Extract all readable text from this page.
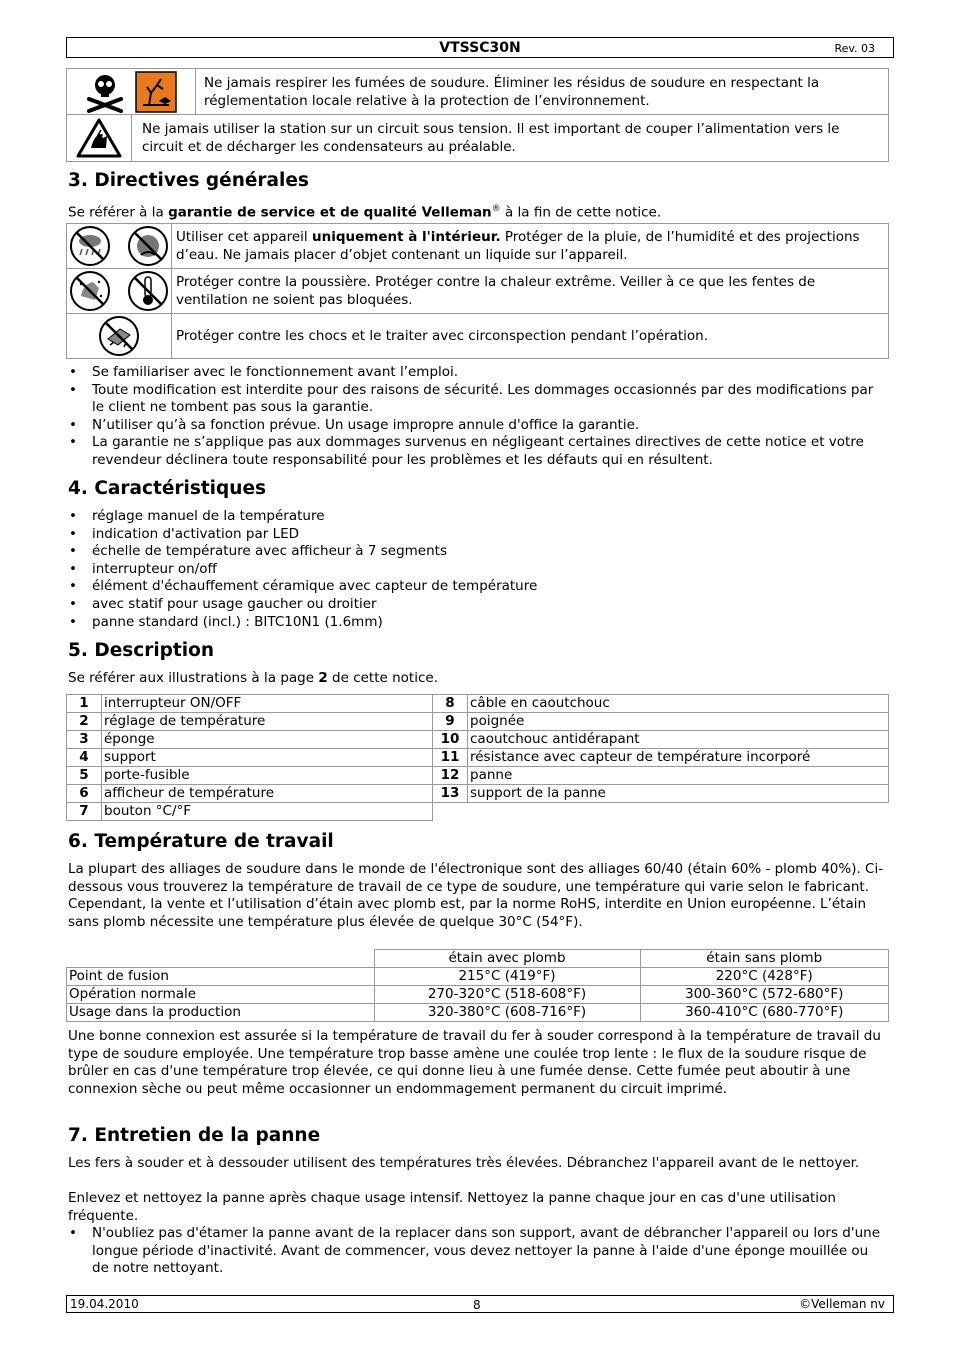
VTSSC30N	Rev. 03
	Ne jamais respirer les fumées de soudure. Éliminer les résidus de soudure en respectant la réglementation locale relative à la protection de l’environnement.
	Ne jamais utiliser la station sur un circuit sous tension. Il est important de couper l’alimentation vers le circuit et de décharger les condensateurs au préalable.
3. Directives générales
Se référer à la garantie de service et de qualité Velleman® à la fin de cette notice.
	Utiliser cet appareil uniquement à l'intérieur. Protéger de la pluie, de l’humidité et des projections d’eau. Ne jamais placer d’objet contenant un liquide sur l’appareil.
	Protéger contre la poussière. Protéger contre la chaleur extrême. Veiller à ce que les fentes de ventilation ne soient pas bloquées.
	Protéger contre les chocs et le traiter avec circonspection pendant l’opération.
• Se familiariser avec le fonctionnement avant l’emploi.
• Toute modification est interdite pour des raisons de sécurité. Les dommages occasionnés par des modifications par le client ne tombent pas sous la garantie.
• N’utiliser qu’à sa fonction prévue. Un usage impropre annule d'office la garantie.
• La garantie ne s’applique pas aux dommages survenus en négligeant certaines directives de cette notice et votre revendeur déclinera toute responsabilité pour les problèmes et les défauts qui en résultent.
4. Caractéristiques
• réglage manuel de la température
• indication d'activation par LED
• échelle de température avec afficheur à 7 segments
• interrupteur on/off
• élément d'échauffement céramique avec capteur de température
• avec statif pour usage gaucher ou droitier
• panne standard (incl.) : BITC10N1 (1.6mm)
5. Description
Se référer aux illustrations à la page 2 de cette notice.
1	interrupteur ON/OFF
2	réglage de température
3	éponge
4	support
5	porte-fusible
6	afficheur de température
7	bouton °C/°F
8	câble en caoutchouc
9	poignée
10	caoutchouc antidérapant
11	résistance avec capteur de température incorporé
12	panne
13	support de la panne
6. Température de travail
La plupart des alliages de soudure dans le monde de l'électronique sont des alliages 60/40 (étain 60% - plomb 40%). Ci-dessous vous trouverez la température de travail de ce type de soudure, une température qui varie selon le fabricant. Cependant, la vente et l’utilisation d’étain avec plomb est, par la norme RoHS, interdite en Union européenne. L’étain sans plomb nécessite une température plus élevée de quelque 30°C (54°F).
	étain avec plomb	étain sans plomb
Point de fusion	215°C (419°F)	220°C (428°F)
Opération normale	270-320°C (518-608°F)	300-360°C (572-680°F)
Usage dans la production	320-380°C (608-716°F)	360-410°C (680-770°F)
Une bonne connexion est assurée si la température de travail du fer à souder correspond à la température de travail du type de soudure employée. Une température trop basse amène une coulée trop lente : le flux de la soudure risque de brûler en cas d'une température trop élevée, ce qui donne lieu à une fumée dense. Cette fumée peut aboutir à une connexion sèche ou peut même occasionner un endommagement permanent du circuit imprimé.
7. Entretien de la panne
Les fers à souder et à dessouder utilisent des températures très élevées. Débranchez l'appareil avant de le nettoyer.
Enlevez et nettoyez la panne après chaque usage intensif. Nettoyez la panne chaque jour en cas d'une utilisation fréquente.
• N'oubliez pas d'étamer la panne avant de la replacer dans son support, avant de débrancher l'appareil ou lors d'une longue période d'inactivité. Avant de commencer, vous devez nettoyer la panne à l'aide d'une éponge mouillée ou de notre nettoyant.
19.04.2010	8	©Velleman nv
